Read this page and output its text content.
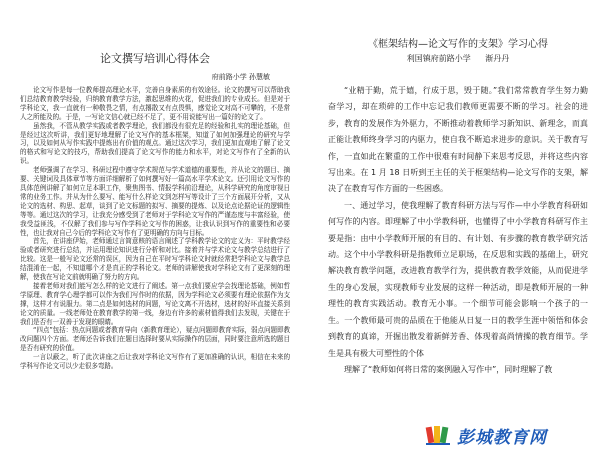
论文撰写培训心得体会
府前路小学 孙慧敏

论文写作是每一位教师提高理论水平，完善自身素质的有效途径。论文的撰写可以帮助我们总结教育教学经验，归纳教育教学方法，激起思维的火花，促进我们的专业成长。但是对于学科论文，我一直就有一种敬畏之情，有点撂散又有点畏惧，感觉论文对高不可攀的，不是常人之所能及的。于是，一写论文信心就已经不足了，更不用说能写出一篇好的论文了。

虽然我，不管从教学实践或者教学理论，我们都没有很充足的经验和扎实的理论基础，但是经过这次听讲，我们更好地理解了论文写作的基本框架，知道了如何加强理论的研究与学习，以及如何从写作实践中提炼出有价值的观点。通过这次学习，我们更加直观地了解了论文的格式和写论文的技巧，帮助我们提高了论文写作的能力和水平，对论文写作有了全新的认识。

老师强调了在学习、科研过程中遵守学术规范与学术道德的重要性，并从论文的题目、摘要、关键词及具体章节等方面详细解析了如何撰写好一篇高水平学术论文。还引用论文写作的具体范例讲解了如何立足本职工作，聚焦图书、情报学科前沿理论，从科学研究的角度审视日常的业务工作。并从为什么要写、能写什么样论文到怎样写等设计了三个方面展开分析，又从论文的选材、构思、起草，谈到了论文标题的拟写、摘要的提炼、以及论点论据论证的逻辑性等等。通过这次的学习，让我充分感受到了老师对于学科论文写作的严谨态度与丰富经验，使我受益匪浅，不仅解了我们参与写作学科论文写作的困惑，让我认识到写作的重要性和必要性，也让我对自己今后的学科论文写作有了更明确的方向与目标。

首先，在讲座伊始，老师通过言简意赅的语言阐述了学科教学论文的定义为：平时教学经验或者研究进行总结，并运用理论知识进行分析和对比。接着并与学术论文与教学总结进行了比较。这是一般写论文还常的误区，因为自己在平时写学科论文时就经常把学科论文与教学总结混淆在一起，不知道哪个才是真正的学科论文。老师的讲解使我对学科论文有了更深刻的理解，使我在写论文前就明确了努力的方向。

接着老师对我们能写怎么样的论文进行了阐述。第一点我们要应学会找理论基础，例如哲学原理、教育学心理学都可以作为我们写作时的依据，因为学科论文必须要有理论依据作为支撑，这样才有说服力。第二点是如何选材的问题，写论文离不开选材，选材的好坏直接关系到论文的质量。一线老师处在教育教学的第一线，身边有许多的素材值得我们去发现，关键在于我们是否有一双善于发现的眼睛。

“四点”包括：热点问题或者教育导向（新教育理论），疑点问题即教育实际，弱点问题即教改问题四个方面。老师还告诉我们在题目选择时要从实际操作的层面，同时要注意所选的题目是否有研究的价值。

一言以蔽之，听了此次讲座之后让我对学科论文写作有了更加准确的认识，相信在未来的学科写作论文可以少走很多弯路。

《框架结构—论文写作的支架》学习心得
利国镇府前路小学 渐丹丹

“业精于勤，荒于嬉，行成于思，毁于随。”我们常常教育学生努力勤奋学习，却在琐碎的工作中忘记我们教师更需要不断的学习。社会的进步，教育的发展作为外驱力，不断推动着教师学习新知识、新理念，而真正能让教师终身学习的内驱力，使自我不断追求进步的意识。关于教育写作，一直如此在繁重的工作中很难有时间静下来思考反思，并将这些内容写出来。在 1 月 18 日听到王主任的关于框架结构—论文写作的支架，解决了在教育写作方面的一些困惑。

一、通过学习，使我理解了教育科研方法与写作—中小学教育科研如何写作的内容。即理解了中小学教科研，也懂得了中小学教育科研写作主要是指：由中小学教师开展的有目的、有计划、有步骤的教育教学研究活动。这个中小学教科研是指教师立足职场，在反思和实践的基础上，研究解决教育教学问题，改进教育教学行为，提供教育教学效能，从而促进学生的身心发展，实现教师专业发展的这样一种活动，即是教师开展的一种理性的教育实践活动。教育无小事。一个细节可能会影响一个孩子的一生。一个教师最可贵的品质在于他能从日复一日的教学生涯中领悟和体会到教育的真谛，开掘出散发着新鲜芳香、体现着高尚情操的教育细节。学生是具有极大可塑性的个体

理解了“教师如何将日常的案例融入写作中”，同时理解了教

彭城教育网
